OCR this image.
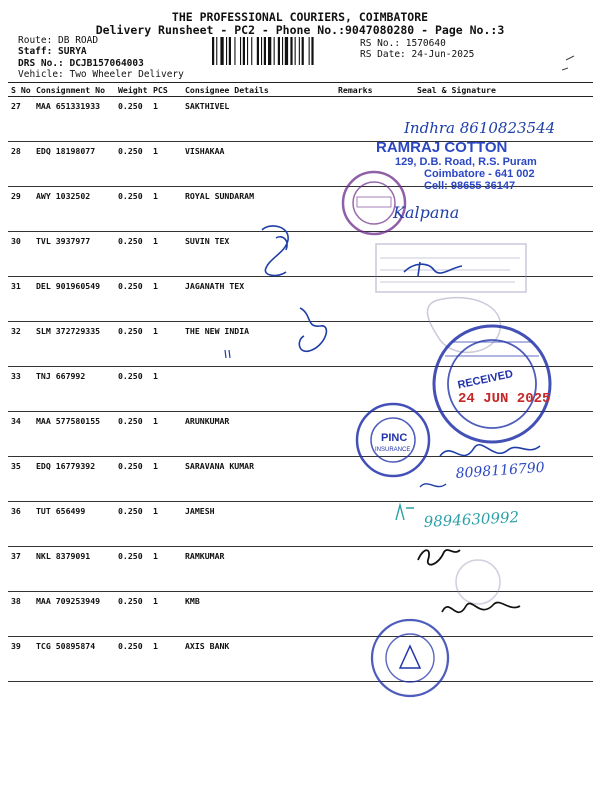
THE PROFESSIONAL COURIERS, COIMBATORE
Delivery Runsheet - PC2 - Phone No.:9047080280 - Page No.:3
Route: DB ROAD
Staff: SURYA
DRS No.: DCJB157064003
Vehicle: Two Wheeler Delivery
RS No.: 1570640
RS Date: 24-Jun-2025
S No	Consignment No	Weight	PCS	Consignee Details	Remarks	Seal & Signature
27	MAA 651331933	0.250	1	SAKTHIVEL		
28	EDQ 18198077	0.250	1	VISHAKAA		
29	AWY 1032502	0.250	1	ROYAL SUNDARAM		
30	TVL 3937977	0.250	1	SUVIN TEX		
31	DEL 901960549	0.250	1	JAGANATH TEX		
32	SLM 372729335	0.250	1	THE NEW INDIA		
33	TNJ 667992	0.250	1			
34	MAA 577580155	0.250	1	ARUNKUMAR		
35	EDQ 16779392	0.250	1	SARAVANA KUMAR		
36	TUT 656499	0.250	1	JAMESH		
37	NKL 8379091	0.250	1	RAMKUMAR		
38	MAA 709253949	0.250	1	KMB		
39	TCG 50895874	0.250	1	AXIS BANK		
Indhra 8610823544
RAMRAJ COTTON
129, D.B. Road, R.S. Puram
Coimbatore - 641 002
Cell: 98655 36147
Kalpana
RECEIVED
24 JUN 2025
PINC
INSURANCE
8098116790
9894630992
